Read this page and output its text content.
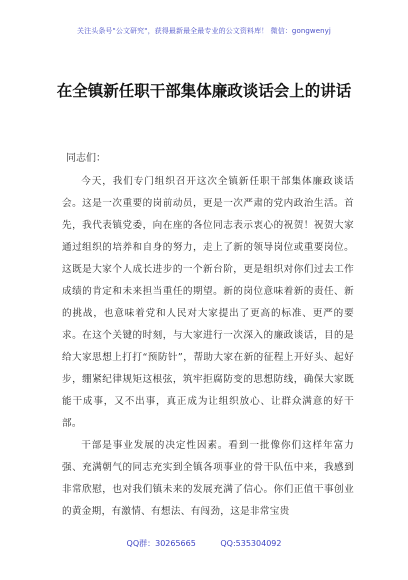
关注头条号"公文研究"，获得最新最全最专业的公文资料库！ 微信：gongwenyj
在全镇新任职干部集体廉政谈话会上的讲话
同志们：

今天，我们专门组织召开这次全镇新任职干部集体廉政谈话会。这是一次重要的岗前动员，更是一次严肃的党内政治生活。首先，我代表镇党委，向在座的各位同志表示衷心的祝贺！祝贺大家通过组织的培养和自身的努力，走上了新的领导岗位或重要岗位。这既是大家个人成长进步的一个新台阶，更是组织对你们过去工作成绩的肯定和未来担当重任的期望。新的岗位意味着新的责任、新的挑战，也意味着党和人民对大家提出了更高的标准、更严的要求。在这个关键的时刻，与大家进行一次深入的廉政谈话，目的是给大家思想上打打“预防针”，帮助大家在新的征程上开好头、起好步，绷紧纪律规矩这根弦，筑牢拒腐防变的思想防线，确保大家既能干成事，又不出事，真正成为让组织放心、让群众满意的好干部。

干部是事业发展的决定性因素。看到一批像你们这样年富力强、充满朝气的同志充实到全镇各项事业的骨干队伍中来，我感到非常欣慰，也对我们镇未来的发展充满了信心。你们正值干事创业的黄金期，有激情、有想法、有闯劲，这是非常宝贵

QQ群：30265665 QQ:535304092
